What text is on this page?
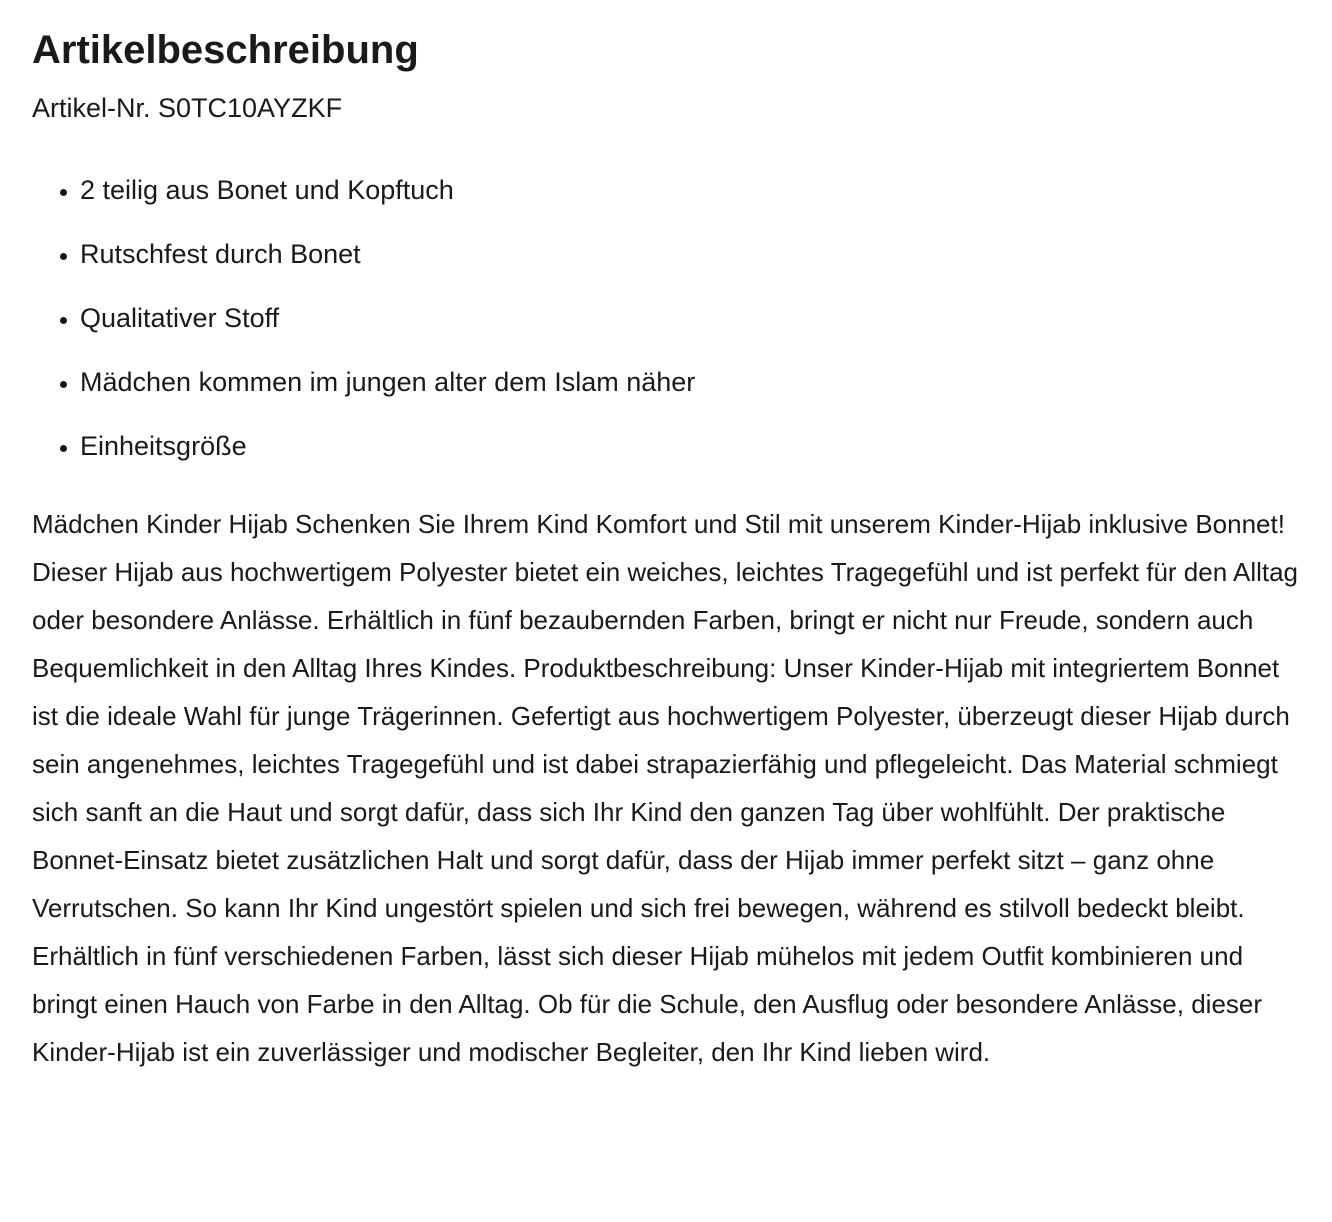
Artikelbeschreibung
Artikel-Nr. S0TC10AYZKF
• 2 teilig aus Bonet und Kopftuch
• Rutschfest durch Bonet
• Qualitativer Stoff
• Mädchen kommen im jungen alter dem Islam näher
• Einheitsgröße

Mädchen Kinder Hijab Schenken Sie Ihrem Kind Komfort und Stil mit unserem Kinder-Hijab inklusive Bonnet! Dieser Hijab aus hochwertigem Polyester bietet ein weiches, leichtes Tragegefühl und ist perfekt für den Alltag oder besondere Anlässe. Erhältlich in fünf bezaubernden Farben, bringt er nicht nur Freude, sondern auch Bequemlichkeit in den Alltag Ihres Kindes. Produktbeschreibung: Unser Kinder-Hijab mit integriertem Bonnet ist die ideale Wahl für junge Trägerinnen. Gefertigt aus hochwertigem Polyester, überzeugt dieser Hijab durch sein angenehmes, leichtes Tragegefühl und ist dabei strapazierfähig und pflegeleicht. Das Material schmiegt sich sanft an die Haut und sorgt dafür, dass sich Ihr Kind den ganzen Tag über wohlfühlt. Der praktische Bonnet-Einsatz bietet zusätzlichen Halt und sorgt dafür, dass der Hijab immer perfekt sitzt – ganz ohne Verrutschen. So kann Ihr Kind ungestört spielen und sich frei bewegen, während es stilvoll bedeckt bleibt. Erhältlich in fünf verschiedenen Farben, lässt sich dieser Hijab mühelos mit jedem Outfit kombinieren und bringt einen Hauch von Farbe in den Alltag. Ob für die Schule, den Ausflug oder besondere Anlässe, dieser Kinder-Hijab ist ein zuverlässiger und modischer Begleiter, den Ihr Kind lieben wird.
